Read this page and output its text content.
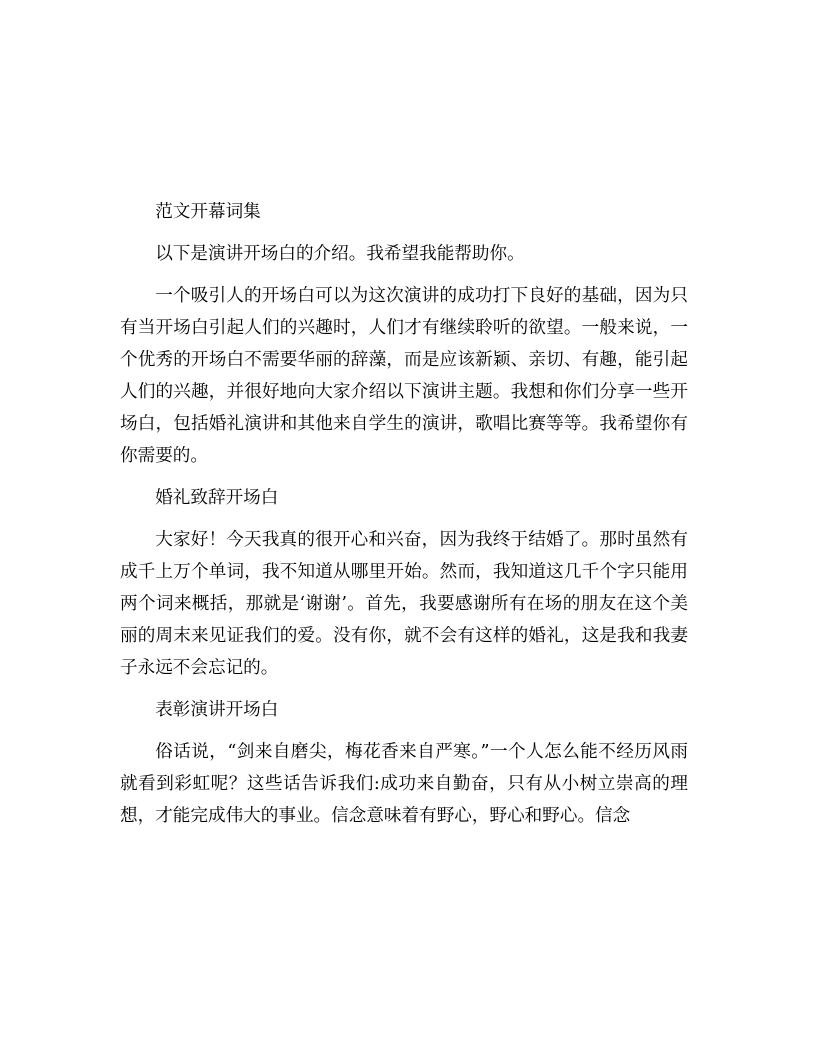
范文开幕词集

以下是演讲开场白的介绍。我希望我能帮助你。

一个吸引人的开场白可以为这次演讲的成功打下良好的基础，因为只有当开场白引起人们的兴趣时，人们才有继续聆听的欲望。一般来说，一个优秀的开场白不需要华丽的辞藻，而是应该新颖、亲切、有趣，能引起人们的兴趣，并很好地向大家介绍以下演讲主题。我想和你们分享一些开场白，包括婚礼演讲和其他来自学生的演讲，歌唱比赛等等。我希望你有你需要的。

婚礼致辞开场白

大家好！今天我真的很开心和兴奋，因为我终于结婚了。那时虽然有成千上万个单词，我不知道从哪里开始。然而，我知道这几千个字只能用两个词来概括，那就是‘谢谢’。首先，我要感谢所有在场的朋友在这个美丽的周末来见证我们的爱。没有你，就不会有这样的婚礼，这是我和我妻子永远不会忘记的。

表彰演讲开场白

俗话说，“剑来自磨尖，梅花香来自严寒。”一个人怎么能不经历风雨就看到彩虹呢？这些话告诉我们:成功来自勤奋，只有从小树立崇高的理想，才能完成伟大的事业。信念意味着有野心，野心和野心。信念
